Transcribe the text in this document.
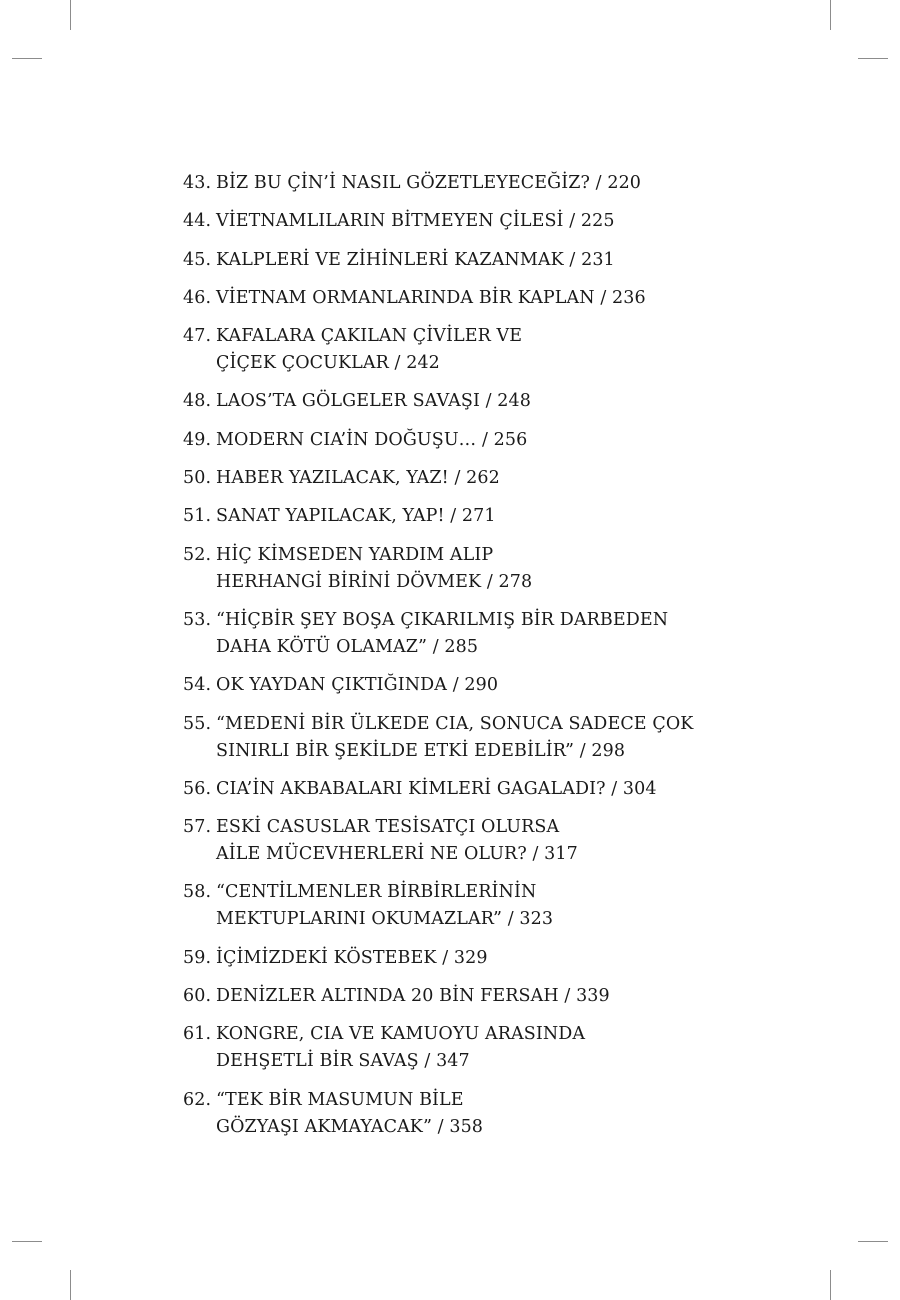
43. BİZ BU ÇİN’İ NASIL GÖZETLEYECEĞİZ? / 220
44. VİETNAMLILARIN BİTMEYEN ÇİLESİ / 225
45. KALPLERİ VE ZİHİNLERİ KAZANMAK / 231
46. VİETNAM ORMANLARINDA BİR KAPLAN / 236
47. KAFALARA ÇAKILAN ÇİVİLER VE
ÇİÇEK ÇOCUKLAR / 242
48. LAOS’TA GÖLGELER SAVAŞI / 248
49. MODERN CIA’İN DOĞUŞU… / 256
50. HABER YAZILACAK, YAZ! / 262
51. SANAT YAPILACAK, YAP! / 271
52. HİÇ KİMSEDEN YARDIM ALIP
HERHANGİ BİRİNİ DÖVMEK / 278
53. “HİÇBİR ŞEY BOŞA ÇIKARILMIŞ BİR DARBEDEN
DAHA KÖTÜ OLAMAZ” / 285
54. OK YAYDAN ÇIKTIĞINDA / 290
55. “MEDENİ BİR ÜLKEDE CIA, SONUCA SADECE ÇOK
SINIRLI BİR ŞEKİLDE ETKİ EDEBİLİR” / 298
56. CIA’İN AKBABALARI KİMLERİ GAGALADI? / 304
57. ESKİ CASUSLAR TESİSATÇI OLURSA
AİLE MÜCEVHERLERİ NE OLUR? / 317
58. “CENTİLMENLER BİRBİRLERİNİN
MEKTUPLARINI OKUMAZLAR” / 323
59. İÇİMİZDEKİ KÖSTEBEK / 329
60. DENİZLER ALTINDA 20 BİN FERSAH / 339
61. KONGRE, CIA VE KAMUOYU ARASINDA
DEHŞETLİ BİR SAVAŞ / 347
62. “TEK BİR MASUMUN BİLE
GÖZYAŞI AKMAYACAK” / 358
